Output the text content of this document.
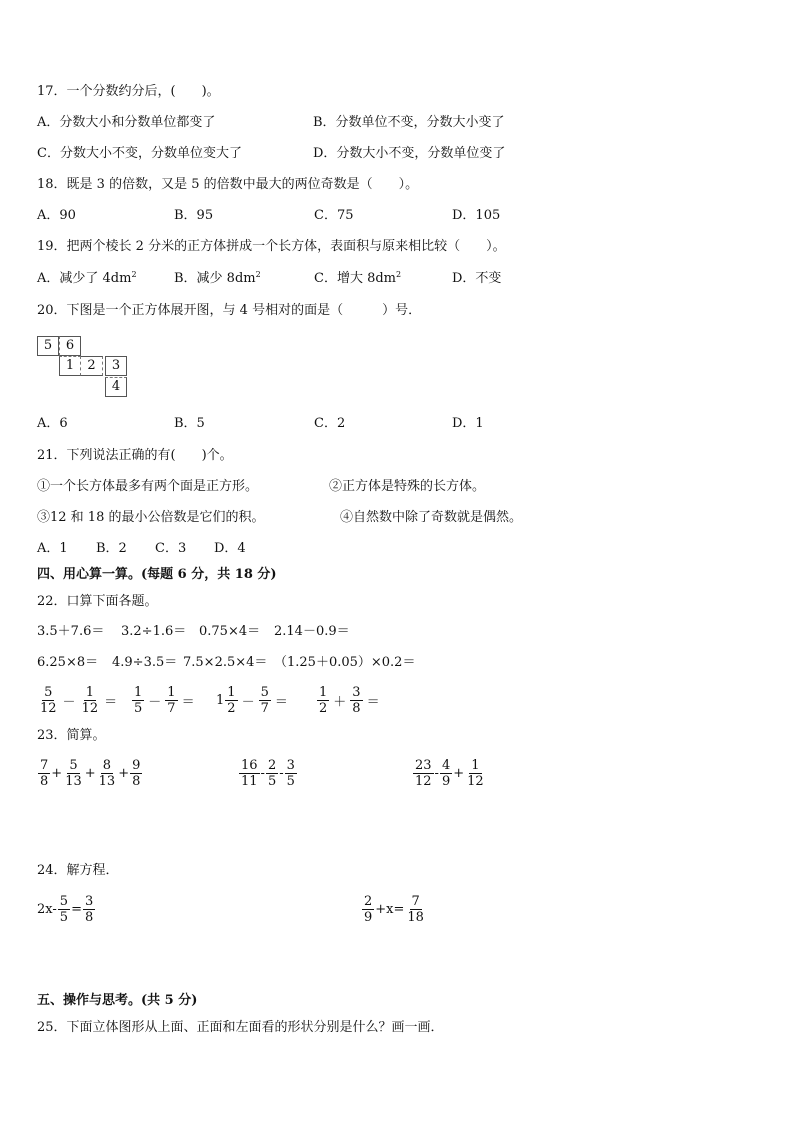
17．一个分数约分后，(　　)。
A．分数大小和分数单位都变了	B．分数单位不变，分数大小变了
C．分数大小不变，分数单位变大了	D．分数大小不变，分数单位变了
18．既是 3 的倍数，又是 5 的倍数中最大的两位奇数是（　　）。
A．90	B．95	C．75	D．105
19．把两个棱长 2 分米的正方体拼成一个长方体，表面积与原来相比较（　　）。
A．减少了 $4dm^2$	B．减少 $8dm^2$	C．增大 $8dm^2$	D．不变
20．下图是一个正方体展开图，与 4 号相对的面是（　　　）号．
5	6
1	2	3
4
A．6	B．5	C．2	D．1
21．下列说法正确的有(　　)个。
①一个长方体最多有两个面是正方形。	②正方体是特殊的长方体。
③12 和 18 的最小公倍数是它们的积。	④自然数中除了奇数就是偶然。
A．1 B．2 C．3 D．4
四、用心算一算。(每题 6 分，共 18 分)
22．口算下面各题。
3.5＋7.6＝ 3.2÷1.6＝ 0.75×4＝ 2.14－0.9＝
6.25×8＝ 4.9÷3.5＝ 7.5×2.5×4＝ （1.25＋0.05）×0.2＝
$\frac{5}{12} - \frac{1}{12} = \frac{1}{5} - \frac{1}{7} = 1 \frac{1}{2} - \frac{5}{7} = \frac{1}{2} + \frac{3}{8}$ ＝
23．简算。
$\frac{7}{8} + \frac{5}{13} + \frac{8}{13} + \frac{9}{8}$	$\frac{16}{11} - \frac{2}{5} - \frac{3}{5}$	$\frac{23}{12} - \frac{4}{9} + \frac{1}{12}$
24．解方程．
$2x- \frac{5}{5} = \frac{3}{8}$	$\frac{2}{9} +x= \frac{7}{18}$
五、操作与思考。(共 5 分)
25．下面立体图形从上面、正面和左面看的形状分别是什么？画一画．
